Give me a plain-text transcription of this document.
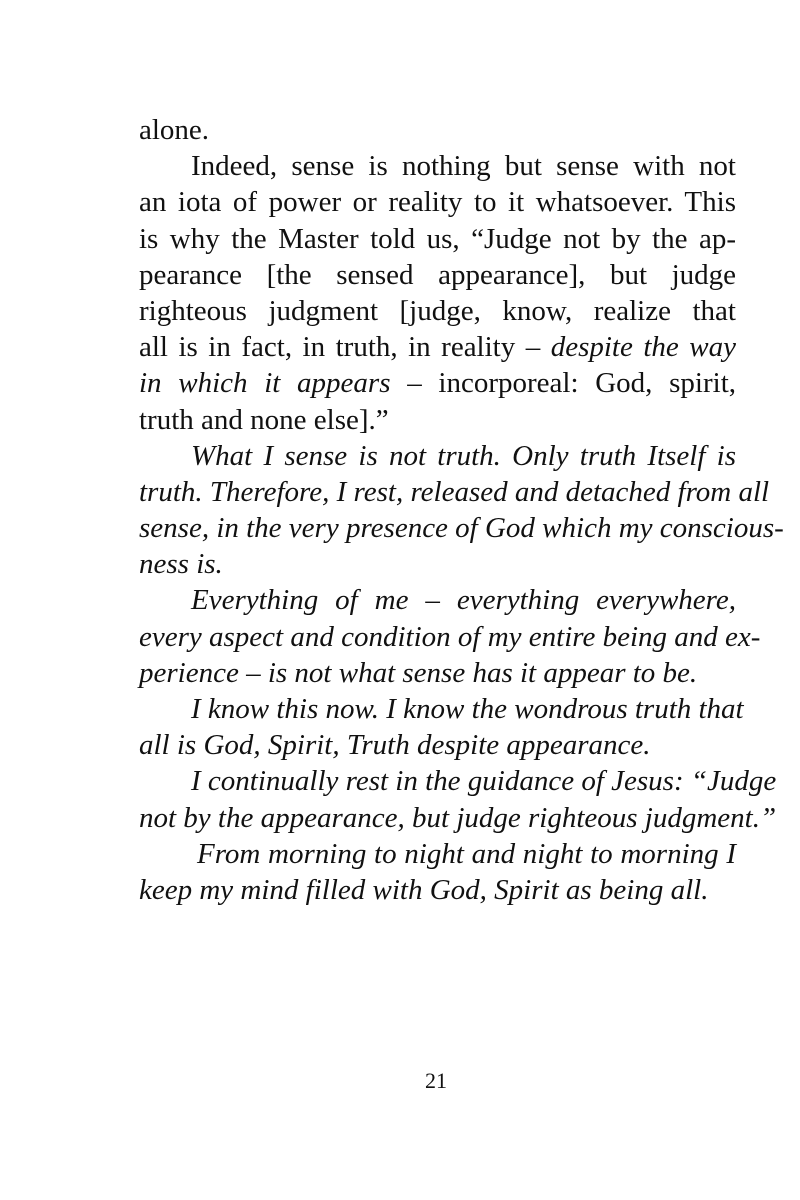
alone.
Indeed, sense is nothing but sense with not
an iota of power or reality to it whatsoever. This
is why the Master told us, “Judge not by the ap-
pearance [the sensed appearance], but judge
righteous judgment [judge, know, realize that
all is in fact, in truth, in reality – despite the way
in which it appears – incorporeal: God, spirit,
truth and none else].”
What I sense is not truth. Only truth Itself is
truth. Therefore, I rest, released and detached from all
sense, in the very presence of God which my conscious-
ness is.
Everything of me – everything everywhere,
every aspect and condition of my entire being and ex-
perience – is not what sense has it appear to be.
I know this now. I know the wondrous truth that
all is God, Spirit, Truth despite appearance.
I continually rest in the guidance of Jesus: “Judge
not by the appearance, but judge righteous judgment.”
From morning to night and night to morning I
keep my mind filled with God, Spirit as being all.
21
